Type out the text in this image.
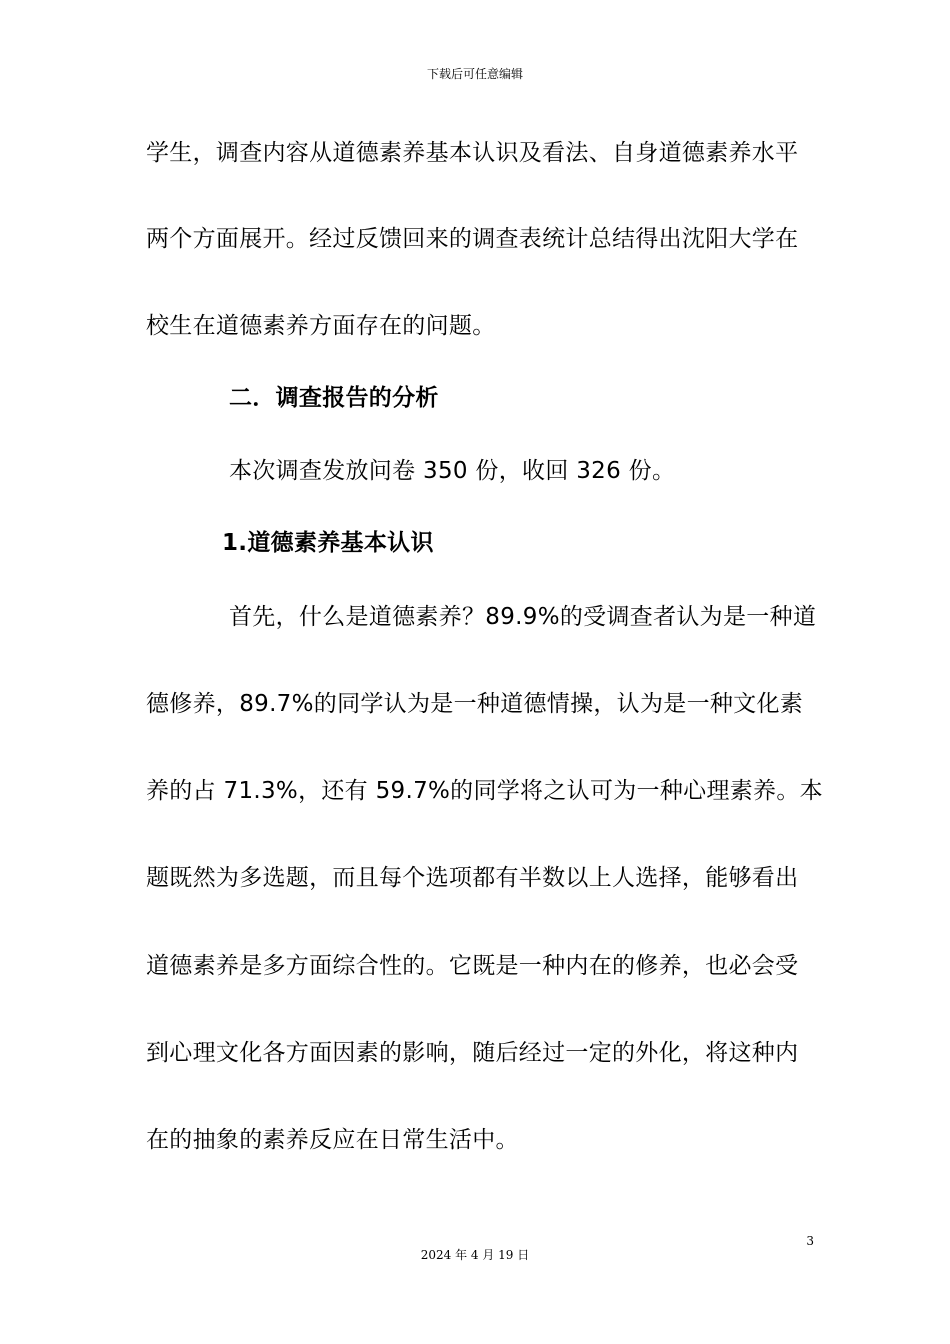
下载后可任意编辑
学生，调查内容从道德素养基本认识及看法、自身道德素养水平
两个方面展开。经过反馈回来的调查表统计总结得出沈阳大学在
校生在道德素养方面存在的问题。
二．调查报告的分析
本次调查发放问卷 350 份，收回 326 份。
1.道德素养基本认识
首先，什么是道德素养？89.9%的受调查者认为是一种道
德修养，89.7%的同学认为是一种道德情操，认为是一种文化素
养的占 71.3%，还有 59.7%的同学将之认可为一种心理素养。本
题既然为多选题，而且每个选项都有半数以上人选择，能够看出
道德素养是多方面综合性的。它既是一种内在的修养，也必会受
到心理文化各方面因素的影响，随后经过一定的外化，将这种内
在的抽象的素养反应在日常生活中。
3
2024 年 4 月 19 日
